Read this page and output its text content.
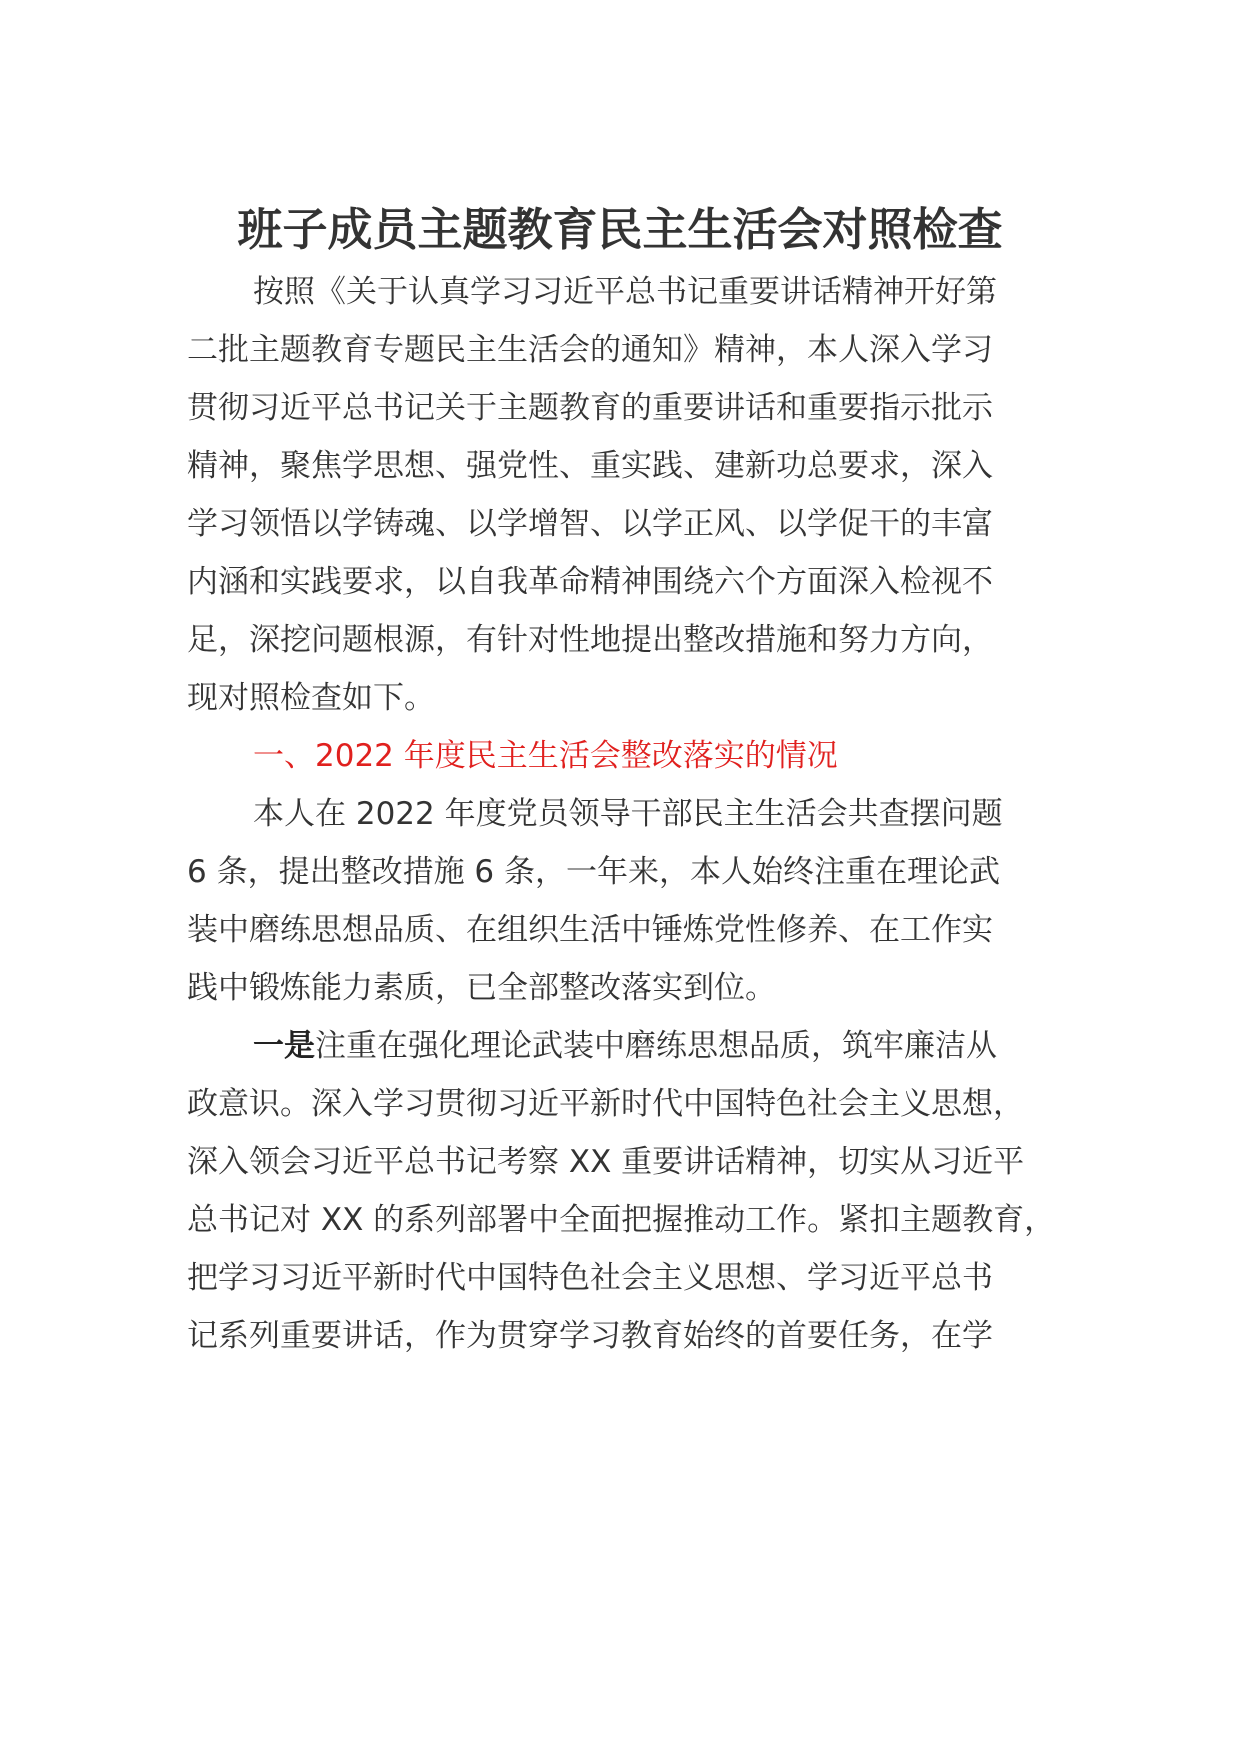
班子成员主题教育民主生活会对照检查
按照《关于认真学习习近平总书记重要讲话精神开好第
二批主题教育专题民主生活会的通知》精神，本人深入学习
贯彻习近平总书记关于主题教育的重要讲话和重要指示批示
精神，聚焦学思想、强党性、重实践、建新功总要求，深入
学习领悟以学铸魂、以学增智、以学正风、以学促干的丰富
内涵和实践要求，以自我革命精神围绕六个方面深入检视不
足，深挖问题根源，有针对性地提出整改措施和努力方向，
现对照检查如下。
一、2022 年度民主生活会整改落实的情况
本人在 2022 年度党员领导干部民主生活会共查摆问题
6 条，提出整改措施 6 条，一年来，本人始终注重在理论武
装中磨练思想品质、在组织生活中锤炼党性修养、在工作实
践中锻炼能力素质，已全部整改落实到位。
一是注重在强化理论武装中磨练思想品质，筑牢廉洁从
政意识。深入学习贯彻习近平新时代中国特色社会主义思想，
深入领会习近平总书记考察 XX 重要讲话精神，切实从习近平
总书记对 XX 的系列部署中全面把握推动工作。紧扣主题教育，
把学习习近平新时代中国特色社会主义思想、学习近平总书
记系列重要讲话，作为贯穿学习教育始终的首要任务，在学
